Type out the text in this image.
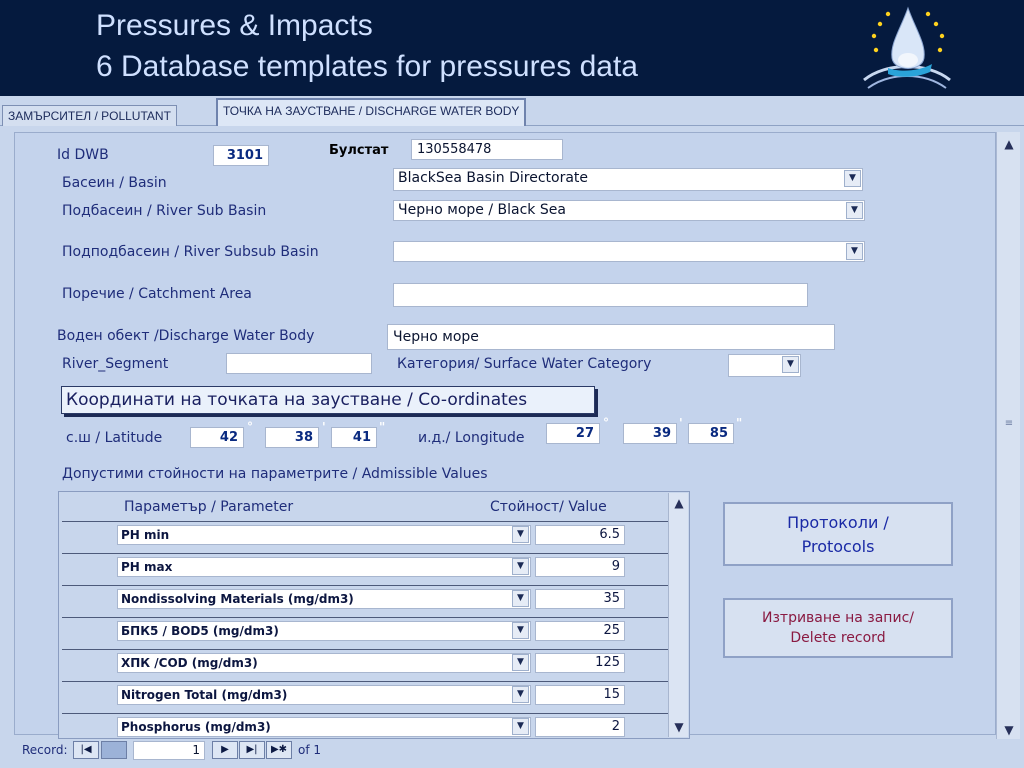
Pressures & Impacts
6 Database templates for pressures data
ЗАМЪРСИТЕЛ / POLLUTANT	ТОЧКА НА ЗАУСТВАНЕ / DISCHARGE WATER BODY
▲
≡
▼
Id DWB	3101	Булстат	130558478
Басеин / Basin	BlackSea Basin Directorate	▼
Подбасеин / River Sub Basin	Черно море / Black Sea	▼
Подподбасеин / River Subsub Basin	▼
Поречие / Catchment Area
Воден обект /Discharge Water Body	Черно море
River_Segment	Категория/ Surface Water Category	▼
Координати на точката на заустване / Co-ordinates
с.ш / Latitude	42
°
38
'
41
"
и.д./ Longitude	27
°
39
'
85
"
Допустими стойности на параметрите / Admissible Values
Параметър / Parameter	Стойност/ Value	▲
▼
PH min	▼	6.5
PH max	▼	9
Nondissolving Materials (mg/dm3)	▼	35
БПК5 / BOD5 (mg/dm3)	▼	25
ХПК /COD (mg/dm3)	▼	125
Nitrogen Total (mg/dm3)	▼	15
Phosphorus (mg/dm3)	▼	2
Протоколи /
Protocols
Изтриване на запис/
Delete record
Record:	|◀	1	▶	▶|	▶✱ of 1
